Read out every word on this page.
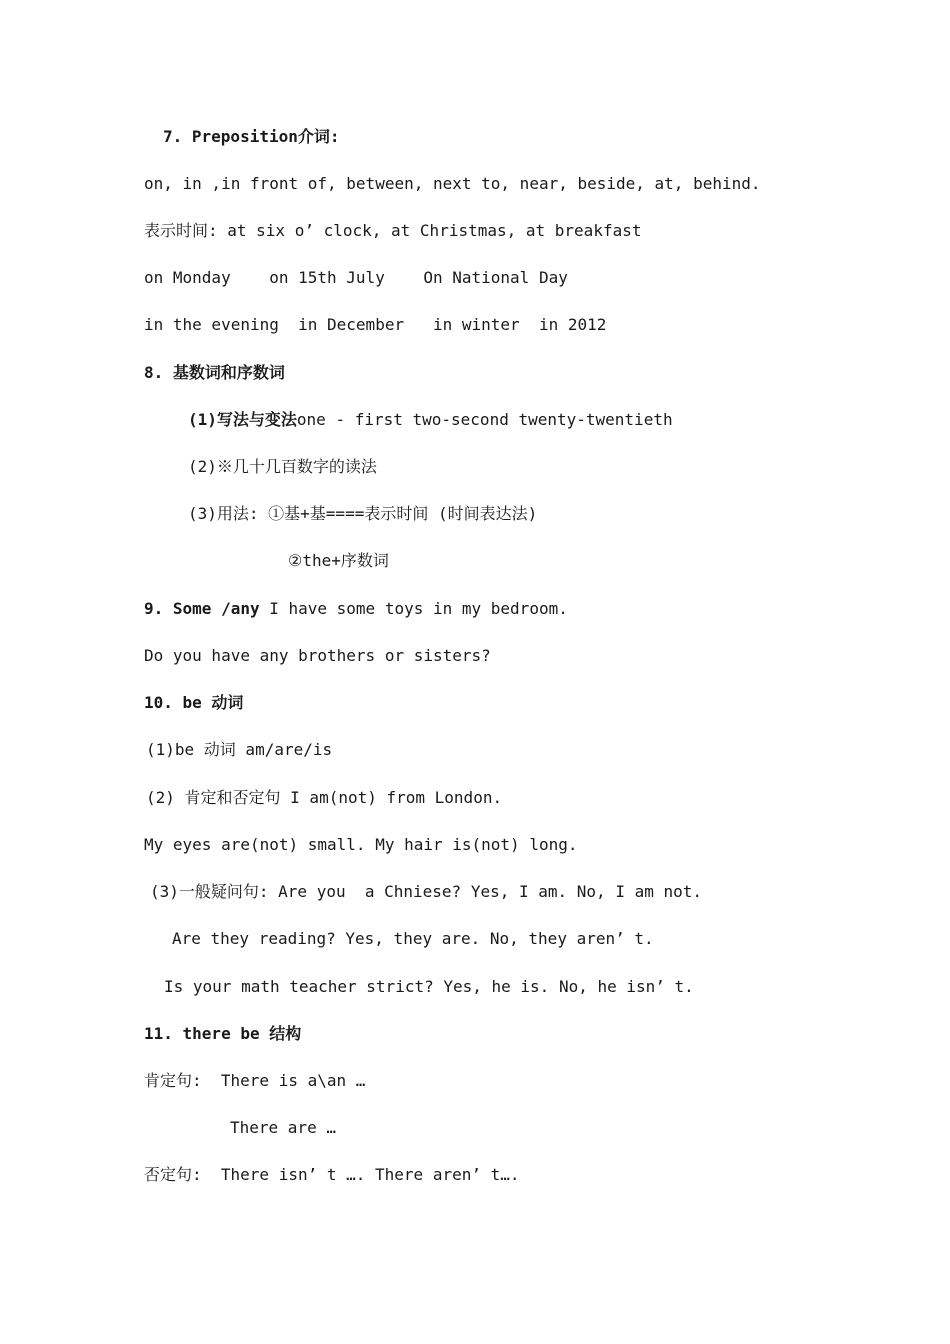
7. Preposition介词:
on, in ,in front of, between, next to, near, beside, at, behind.
表示时间: at six o’ clock, at Christmas, at breakfast
on Monday    on 15th July    On National Day
in the evening  in December   in winter  in 2012
8. 基数词和序数词
(1)写法与变法one - first two-second twenty-twentieth
(2)※几十几百数字的读法
(3)用法: ①基+基====表示时间 (时间表达法)
②the+序数词
9. Some /any I have some toys in my bedroom.
Do you have any brothers or sisters?
10. be 动词
(1)be 动词 am/are/is
(2) 肯定和否定句 I am(not) from London.
My eyes are(not) small. My hair is(not) long.
(3)一般疑问句: Are you  a Chniese? Yes, I am. No, I am not.
Are they reading? Yes, they are. No, they aren’ t.
Is your math teacher strict? Yes, he is. No, he isn’ t.
11. there be 结构
肯定句:  There is a\an …
There are …
否定句:  There isn’ t …. There aren’ t….
